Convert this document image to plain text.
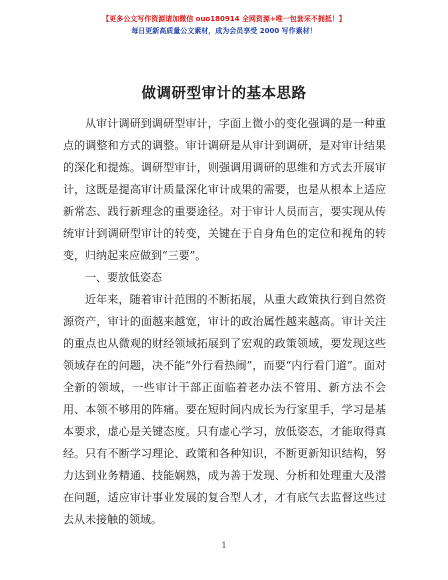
【更多公文写作资源请加微信 ouo180914 全网资源+唯一包套采不拥抵！】
每日更新高质量公文素材，成为会员享受 2000 写作素材！
做调研型审计的基本思路

从审计调研到调研型审计，字面上微小的变化强调的是一种重点的调整和方式的调整。审计调研是从审计到调研，是对审计结果的深化和提炼。调研型审计，则强调用调研的思维和方式去开展审计，这既是提高审计质量深化审计成果的需要，也是从根本上适应新常态、践行新理念的重要途径。对于审计人员而言，要实现从传统审计到调研型审计的转变，关键在于自身角色的定位和视角的转变，归纳起来应做到“三要”。

一、要放低姿态

近年来，随着审计范围的不断拓展，从重大政策执行到自然资源资产，审计的面越来越宽，审计的政治属性越来越高。审计关注的重点也从微观的财经领域拓展到了宏观的政策领域，要发现这些领域存在的问题，决不能“外行看热闹”，而要“内行看门道”。面对全新的领域，一些审计干部正面临着老办法不管用、新方法不会用、本领不够用的阵痛。要在短时间内成长为行家里手，学习是基本要求，虚心是关键态度。只有虚心学习，放低姿态，才能取得真经。只有不断学习理论、政策和各种知识，不断更新知识结构，努力达到业务精通、技能娴熟，成为善于发现、分析和处理重大及潜在问题，适应审计事业发展的复合型人才，才有底气去监督这些过去从未接触的领域。

1
